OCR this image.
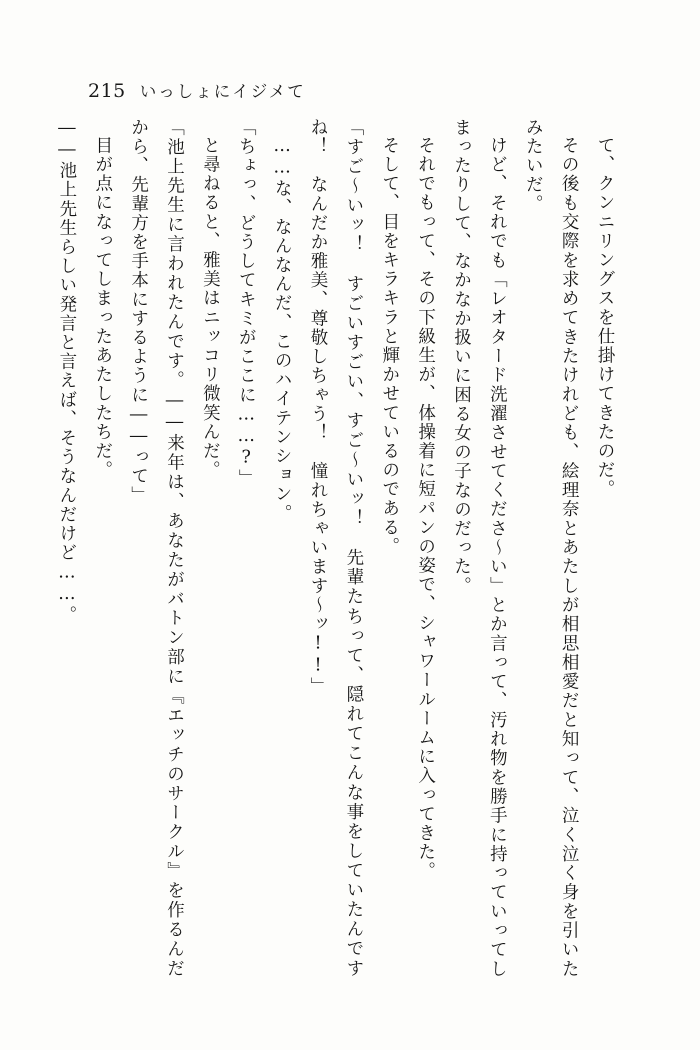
215 いっしょにイジメて

て、クンニリングスを仕掛けてきたのだ。

その後も交際を求めてきたけれども、絵理奈とあたしが相思相愛だと知って、泣く泣く身を引いたみたいだ。

けど、それでも「レオタード洗濯させてくださ～い」とか言って、汚れ物を勝手に持っていってしまったりして、なかなか扱いに困る女の子なのだった。

それでもって、その下級生が、体操着に短パンの姿で、シャワールームに入ってきた。

そして、目をキラキラと輝かせているのである。

「すご～いッ！　すごいすごい、すご～いッ！　先輩たちって、隠れてこんな事をしていたんですね！　なんだか雅美、尊敬しちゃう！　憧れちゃいます～ッ!!」

……な、なんなんだ、このハイテンション。

「ちょっ、どうしてキミがここに……?」

と尋ねると、雅美はニッコリ微笑んだ。

「池上先生に言われたんです。――来年は、あなたがバトン部に『エッチのサークル』を作るんだから、先輩方を手本にするように――って」

目が点になってしまったあたしたちだ。

――池上先生らしい発言と言えば、そうなんだけど……。
